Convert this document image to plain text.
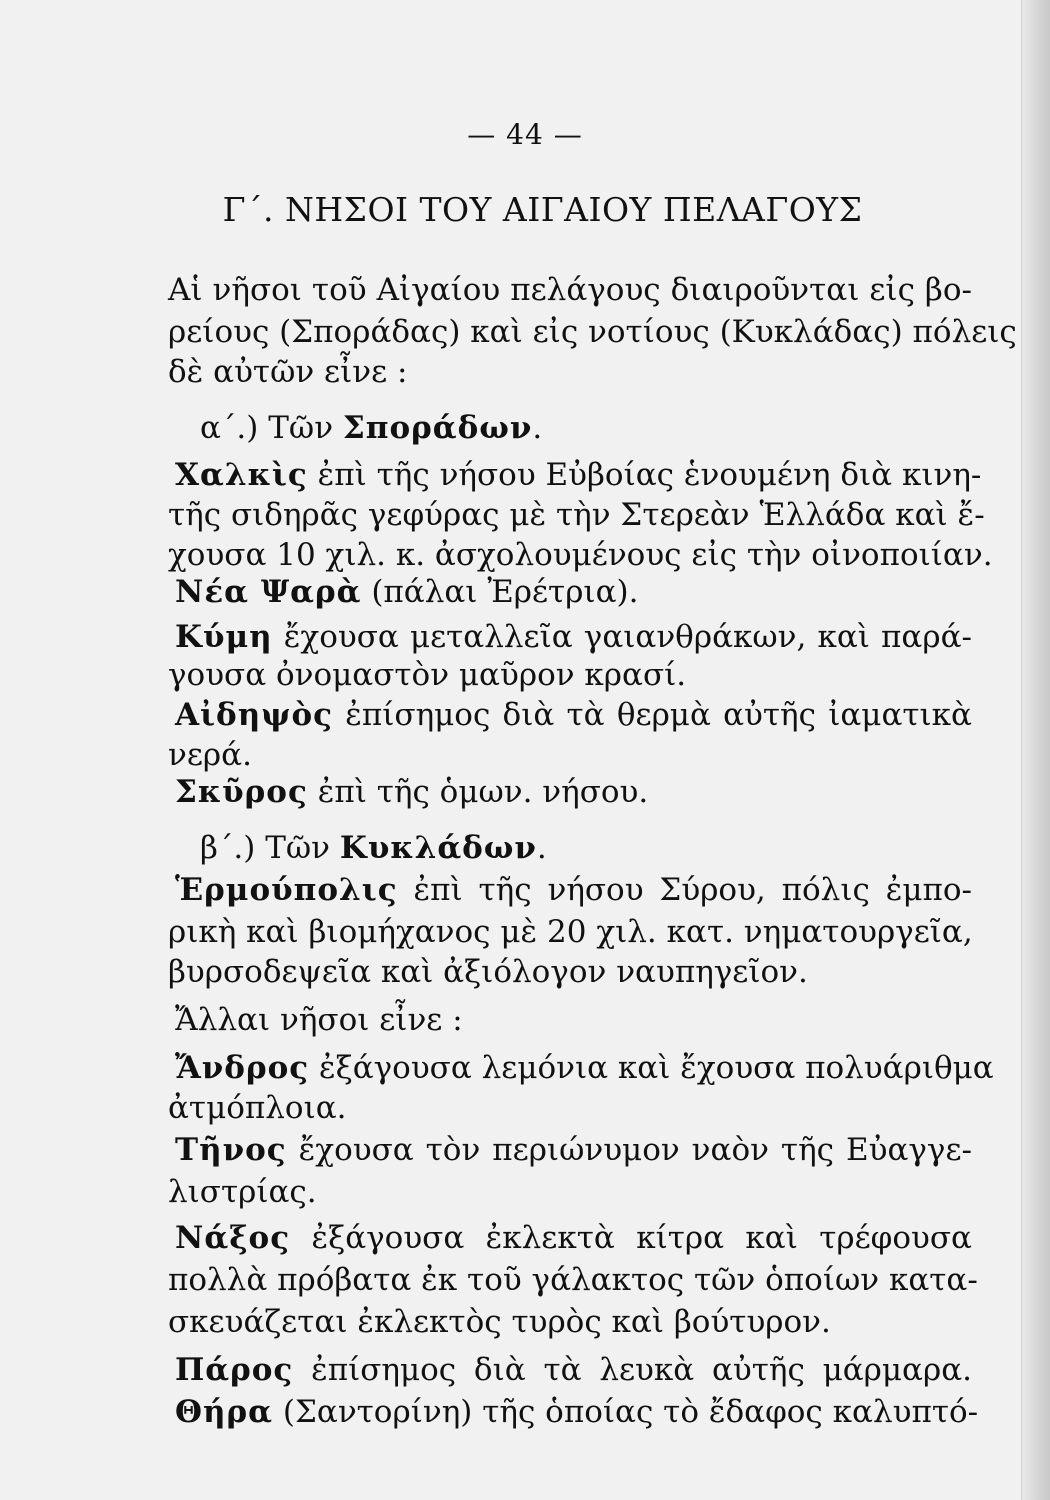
— 44 —
Γ΄. ΝΗΣΟΙ ΤΟΥ ΑΙΓΑΙΟΥ ΠΕΛΑΓΟΥΣ
Αἱ νῆσοι τοῦ Αἰγαίου πελάγους διαιροῦνται εἰς βο-
ρείους (Σποράδας) καὶ εἰς νοτίους (Κυκλάδας) πόλεις
δὲ αὐτῶν εἶνε :
α΄.) Τῶν Σποράδων.
Χαλκὶς ἐπὶ τῆς νήσου Εὐβοίας ἑνουμένη διὰ κινη-
τῆς σιδηρᾶς γεφύρας μὲ τὴν Στερεὰν Ἑλλάδα καὶ ἔ-
χουσα 10 χιλ. κ. ἀσχολουμένους εἰς τὴν οἰνοποιίαν.
Νέα Ψαρὰ (πάλαι Ἐρέτρια).
Κύμη ἔχουσα μεταλλεῖα γαιανθράκων, καὶ παρά-
γουσα ὀνομαστὸν μαῦρον κρασί.
Αἰδηψὸς ἐπίσημος διὰ τὰ θερμὰ αὐτῆς ἰαματικὰ
νερά.
Σκῦρος ἐπὶ τῆς ὁμων. νήσου.
β΄.) Τῶν Κυκλάδων.
Ἑρμούπολις ἐπὶ τῆς νήσου Σύρου, πόλις ἐμπο-
ρικὴ καὶ βιομήχανος μὲ 20 χιλ. κατ. νηματουργεῖα,
βυρσοδεψεῖα καὶ ἀξιόλογον ναυπηγεῖον.
Ἄλλαι νῆσοι εἶνε :
Ἄνδρος ἐξάγουσα λεμόνια καὶ ἔχουσα πολυάριθμα
ἀτμόπλοια.
Τῆνος ἔχουσα τὸν περιώνυμον ναὸν τῆς Εὐαγγε-
λιστρίας.
Νάξος ἐξάγουσα ἐκλεκτὰ κίτρα καὶ τρέφουσα
πολλὰ πρόβατα ἐκ τοῦ γάλακτος τῶν ὁποίων κατα-
σκευάζεται ἐκλεκτὸς τυρὸς καὶ βούτυρον.
Πάρος ἐπίσημος διὰ τὰ λευκὰ αὐτῆς μάρμαρα.
Θήρα (Σαντορίνη) τῆς ὁποίας τὸ ἔδαφος καλυπτό-
